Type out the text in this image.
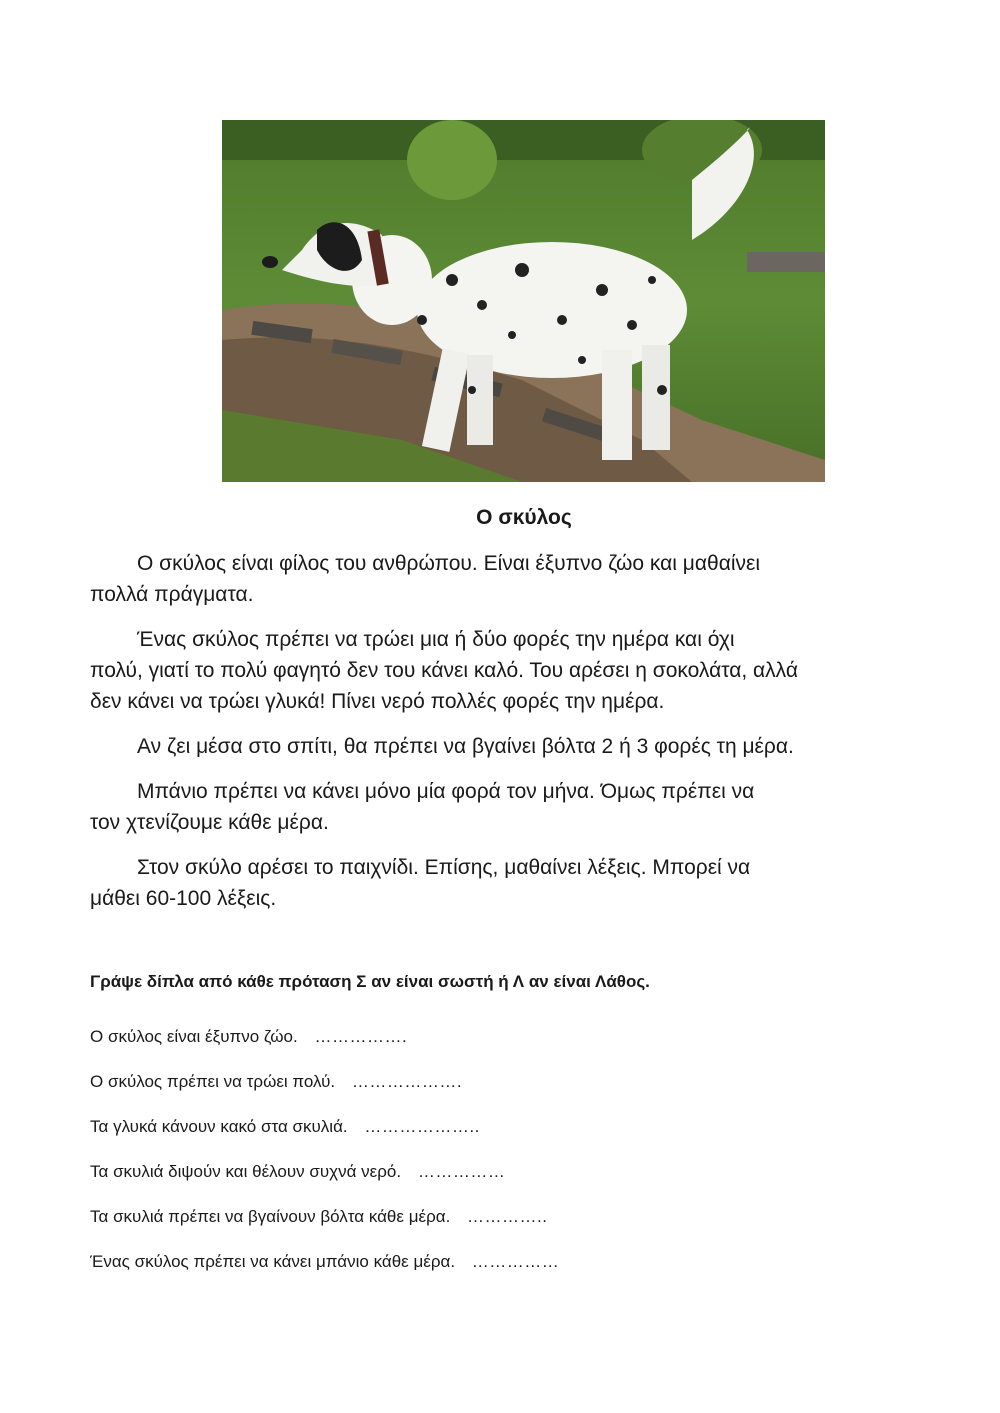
Ο σκύλος

Ο σκύλος είναι φίλος του ανθρώπου. Είναι έξυπνο ζώο και μαθαίνει
πολλά πράγματα.

Ένας σκύλος πρέπει να τρώει μια ή δύο φορές την ημέρα και όχι
πολύ, γιατί το πολύ φαγητό δεν του κάνει καλό. Του αρέσει η σοκολάτα, αλλά
δεν κάνει να τρώει γλυκά! Πίνει νερό πολλές φορές την ημέρα.

Αν ζει μέσα στο σπίτι, θα πρέπει να βγαίνει βόλτα 2 ή 3 φορές τη μέρα.

Μπάνιο πρέπει να κάνει μόνο μία φορά τον μήνα. Όμως πρέπει να
τον χτενίζουμε κάθε μέρα.

Στον σκύλο αρέσει το παιχνίδι. Επίσης, μαθαίνει λέξεις. Μπορεί να
μάθει 60-100 λέξεις.

Γράψε δίπλα από κάθε πρόταση Σ αν είναι σωστή ή Λ αν είναι Λάθος.
Ο σκύλος είναι έξυπνο ζώο. …………….
Ο σκύλος πρέπει να τρώει πολύ. ……………….
Τα γλυκά κάνουν κακό στα σκυλιά. ………………..
Τα σκυλιά διψούν και θέλουν συχνά νερό. ……………
Τα σκυλιά πρέπει να βγαίνουν βόλτα κάθε μέρα. …………..
Ένας σκύλος πρέπει να κάνει μπάνιο κάθε μέρα. ……………
